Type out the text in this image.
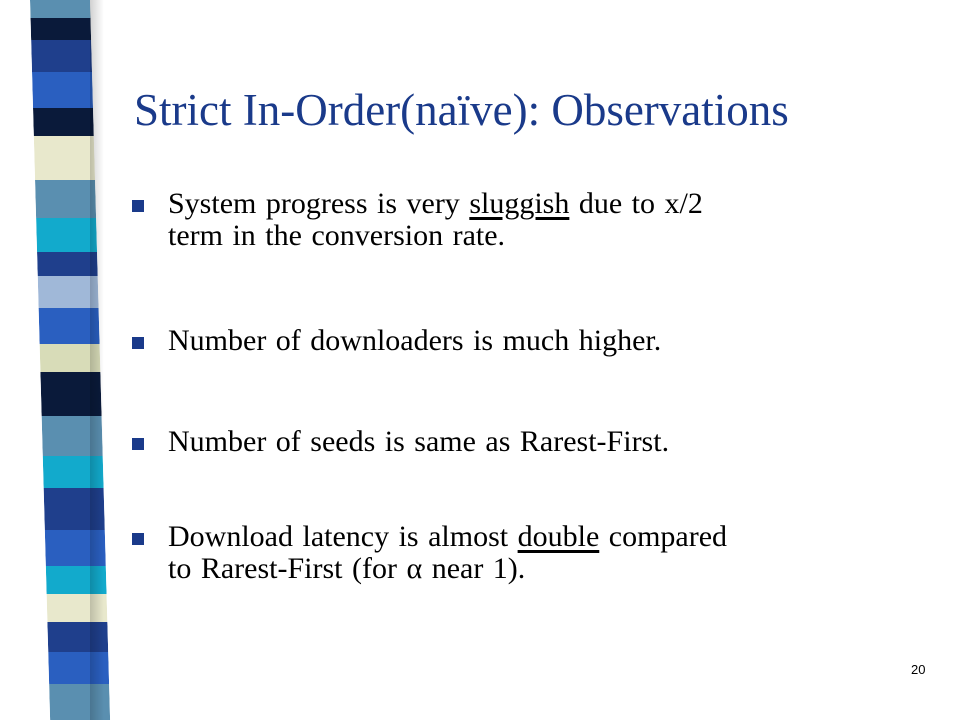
Strict In-Order(naïve): Observations
System progress is very sluggish due to x/2
term in the conversion rate.
Number of downloaders is much higher.
Number of seeds is same as Rarest-First.
Download latency is almost double compared
to Rarest-First (for α near 1).
20
